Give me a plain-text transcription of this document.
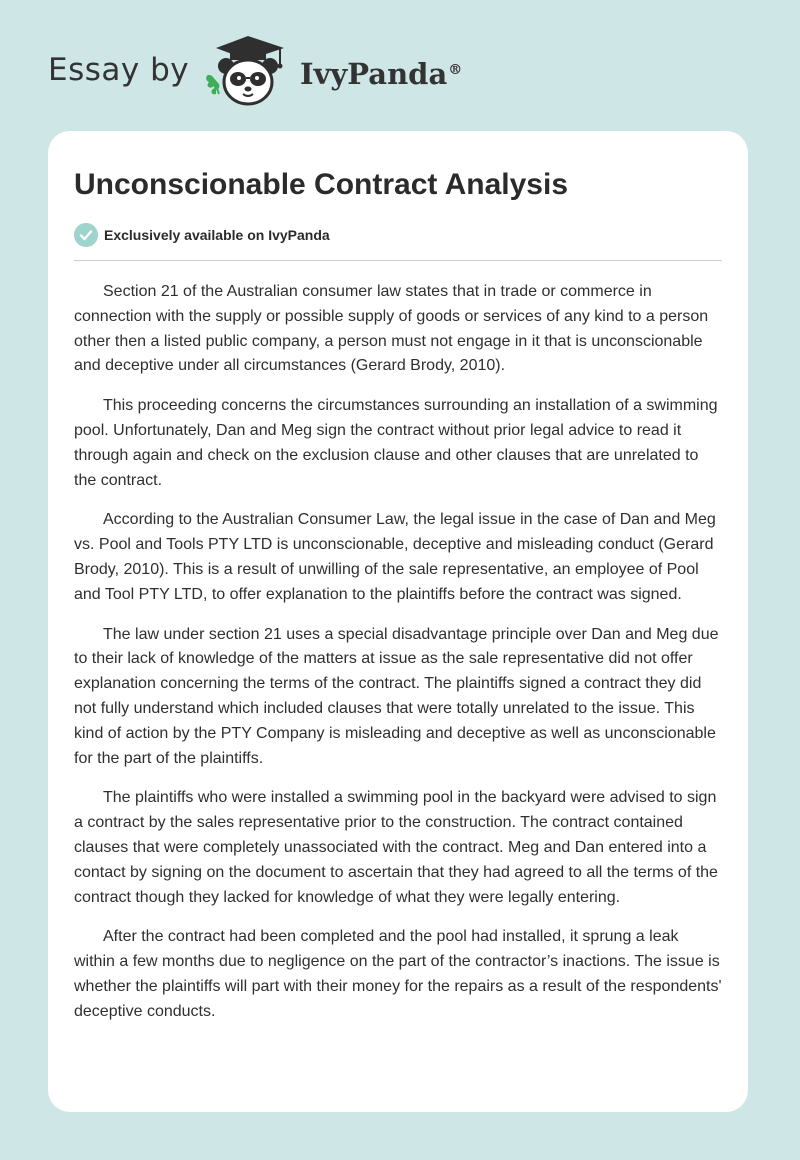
Essay by	IvyPanda®
Unconscionable Contract Analysis
Exclusively available on IvyPanda

Section 21 of the Australian consumer law states that in trade or commerce in connection with the supply or possible supply of goods or services of any kind to a person other then a listed public company, a person must not engage in it that is unconscionable and deceptive under all circumstances (Gerard Brody, 2010).

This proceeding concerns the circumstances surrounding an installation of a swimming pool. Unfortunately, Dan and Meg sign the contract without prior legal advice to read it through again and check on the exclusion clause and other clauses that are unrelated to the contract.

According to the Australian Consumer Law, the legal issue in the case of Dan and Meg vs. Pool and Tools PTY LTD is unconscionable, deceptive and misleading conduct (Gerard Brody, 2010). This is a result of unwilling of the sale representative, an employee of Pool and Tool PTY LTD, to offer explanation to the plaintiffs before the contract was signed.

The law under section 21 uses a special disadvantage principle over Dan and Meg due to their lack of knowledge of the matters at issue as the sale representative did not offer explanation concerning the terms of the contract. The plaintiffs signed a contract they did not fully understand which included clauses that were totally unrelated to the issue. This kind of action by the PTY Company is misleading and deceptive as well as unconscionable for the part of the plaintiffs.

The plaintiffs who were installed a swimming pool in the backyard were advised to sign a contract by the sales representative prior to the construction. The contract contained clauses that were completely unassociated with the contract. Meg and Dan entered into a contact by signing on the document to ascertain that they had agreed to all the terms of the contract though they lacked for knowledge of what they were legally entering.

After the contract had been completed and the pool had installed, it sprung a leak within a few months due to negligence on the part of the contractor’s inactions. The issue is whether the plaintiffs will part with their money for the repairs as a result of the respondents' deceptive conducts.
